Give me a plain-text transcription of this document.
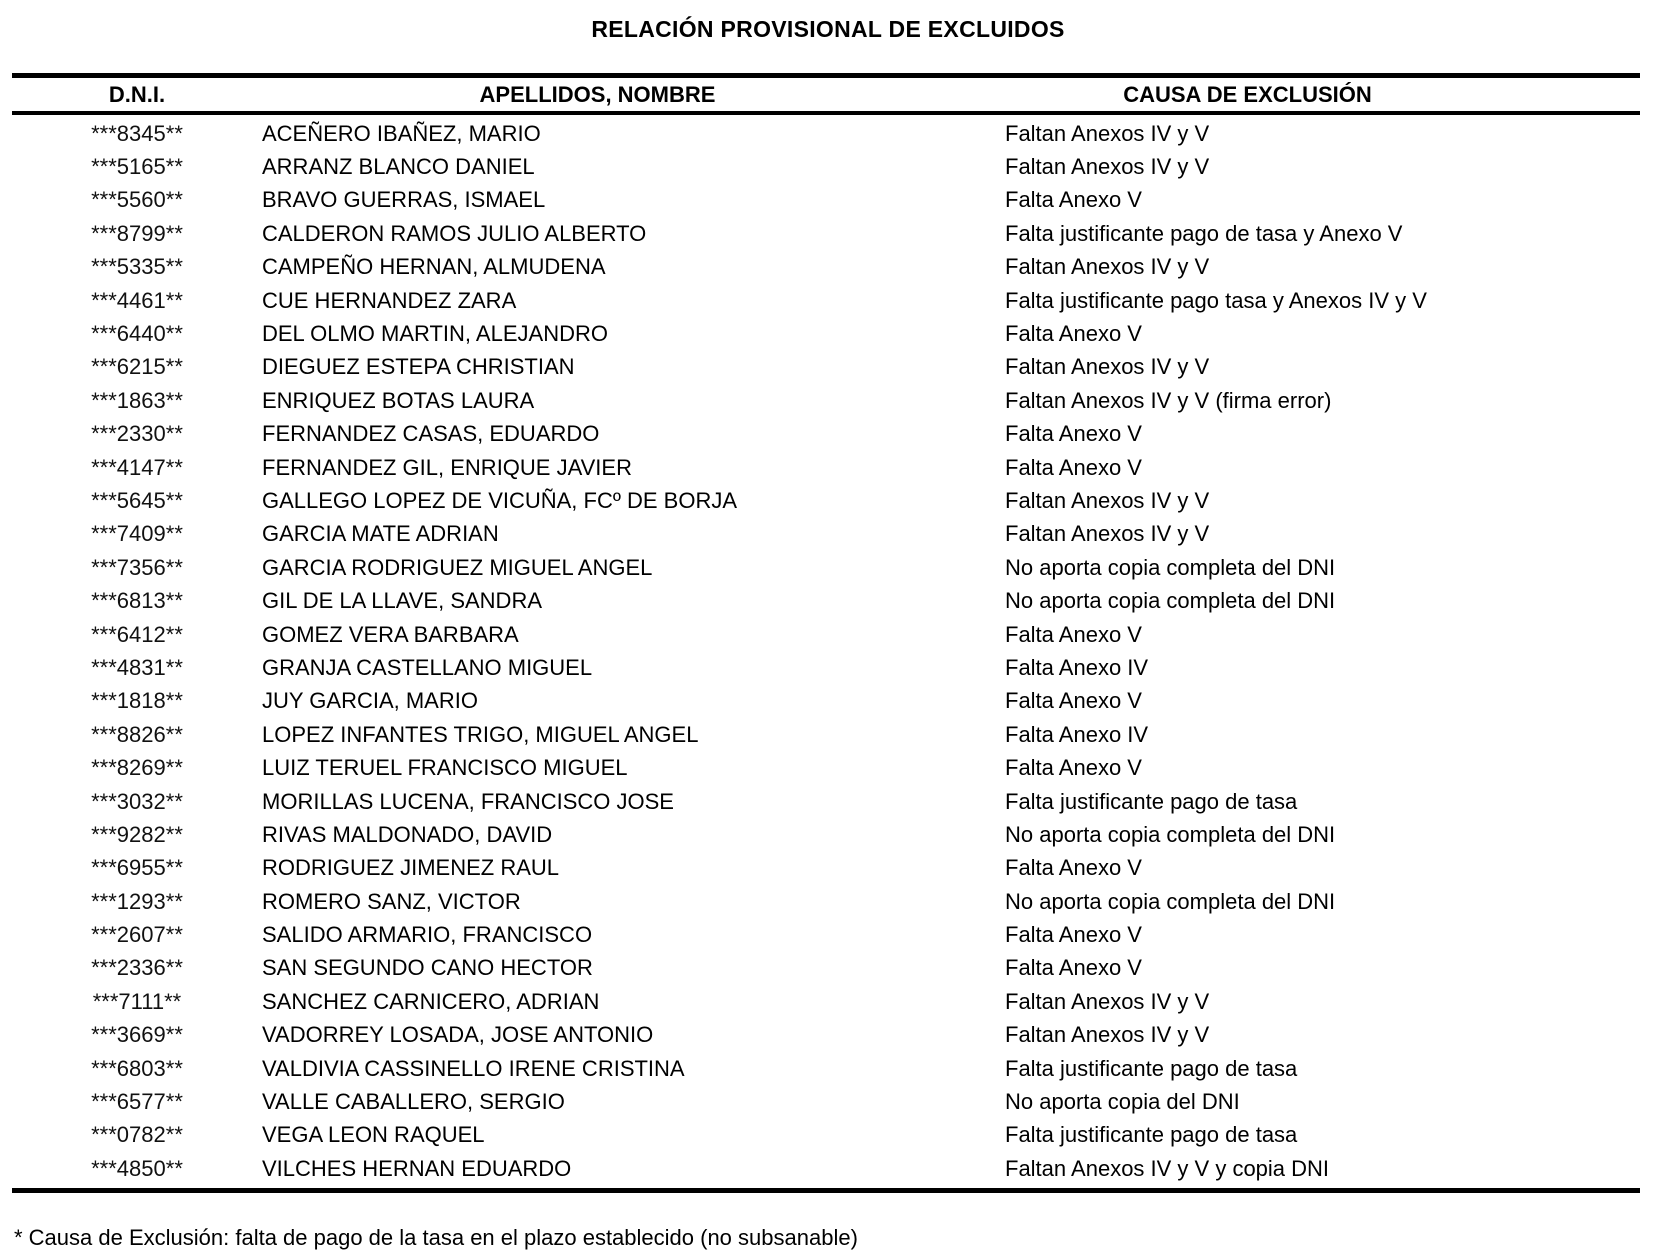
RELACIÓN PROVISIONAL DE EXCLUIDOS
D.N.I.	APELLIDOS, NOMBRE	CAUSA DE EXCLUSIÓN
***8345**	ACEÑERO IBAÑEZ, MARIO	Faltan Anexos IV y V
***5165**	ARRANZ BLANCO DANIEL	Faltan Anexos IV y V
***5560**	BRAVO GUERRAS, ISMAEL	Falta Anexo V
***8799**	CALDERON RAMOS JULIO ALBERTO	Falta justificante pago de tasa y Anexo V
***5335**	CAMPEÑO HERNAN, ALMUDENA	Faltan Anexos IV y V
***4461**	CUE HERNANDEZ ZARA	Falta justificante pago tasa y Anexos IV y V
***6440**	DEL OLMO MARTIN, ALEJANDRO	Falta Anexo V
***6215**	DIEGUEZ ESTEPA CHRISTIAN	Faltan Anexos IV y V
***1863**	ENRIQUEZ BOTAS LAURA	Faltan Anexos IV y V (firma error)
***2330**	FERNANDEZ CASAS, EDUARDO	Falta Anexo V
***4147**	FERNANDEZ GIL, ENRIQUE JAVIER	Falta Anexo V
***5645**	GALLEGO LOPEZ DE VICUÑA, FCº DE BORJA	Faltan Anexos IV y V
***7409**	GARCIA MATE ADRIAN	Faltan Anexos IV y V
***7356**	GARCIA RODRIGUEZ MIGUEL ANGEL	No aporta copia completa del DNI
***6813**	GIL DE LA LLAVE, SANDRA	No aporta copia completa del DNI
***6412**	GOMEZ VERA BARBARA	Falta Anexo V
***4831**	GRANJA CASTELLANO MIGUEL	Falta Anexo IV
***1818**	JUY GARCIA, MARIO	Falta Anexo V
***8826**	LOPEZ INFANTES TRIGO, MIGUEL ANGEL	Falta Anexo IV
***8269**	LUIZ TERUEL FRANCISCO MIGUEL	Falta Anexo V
***3032**	MORILLAS LUCENA, FRANCISCO JOSE	Falta justificante pago de tasa
***9282**	RIVAS MALDONADO, DAVID	No aporta copia completa del DNI
***6955**	RODRIGUEZ JIMENEZ RAUL	Falta Anexo V
***1293**	ROMERO SANZ, VICTOR	No aporta copia completa del DNI
***2607**	SALIDO ARMARIO, FRANCISCO	Falta Anexo V
***2336**	SAN SEGUNDO CANO HECTOR	Falta Anexo V
***7111**	SANCHEZ CARNICERO, ADRIAN	Faltan Anexos IV y V
***3669**	VADORREY LOSADA, JOSE ANTONIO	Faltan Anexos IV y V
***6803**	VALDIVIA CASSINELLO IRENE CRISTINA	Falta justificante pago de tasa
***6577**	VALLE CABALLERO, SERGIO	No aporta copia del DNI
***0782**	VEGA LEON RAQUEL	Falta justificante pago de tasa
***4850**	VILCHES HERNAN EDUARDO	Faltan Anexos IV y V y copia DNI

* Causa de Exclusión: falta de pago de la tasa en el plazo establecido (no subsanable)
